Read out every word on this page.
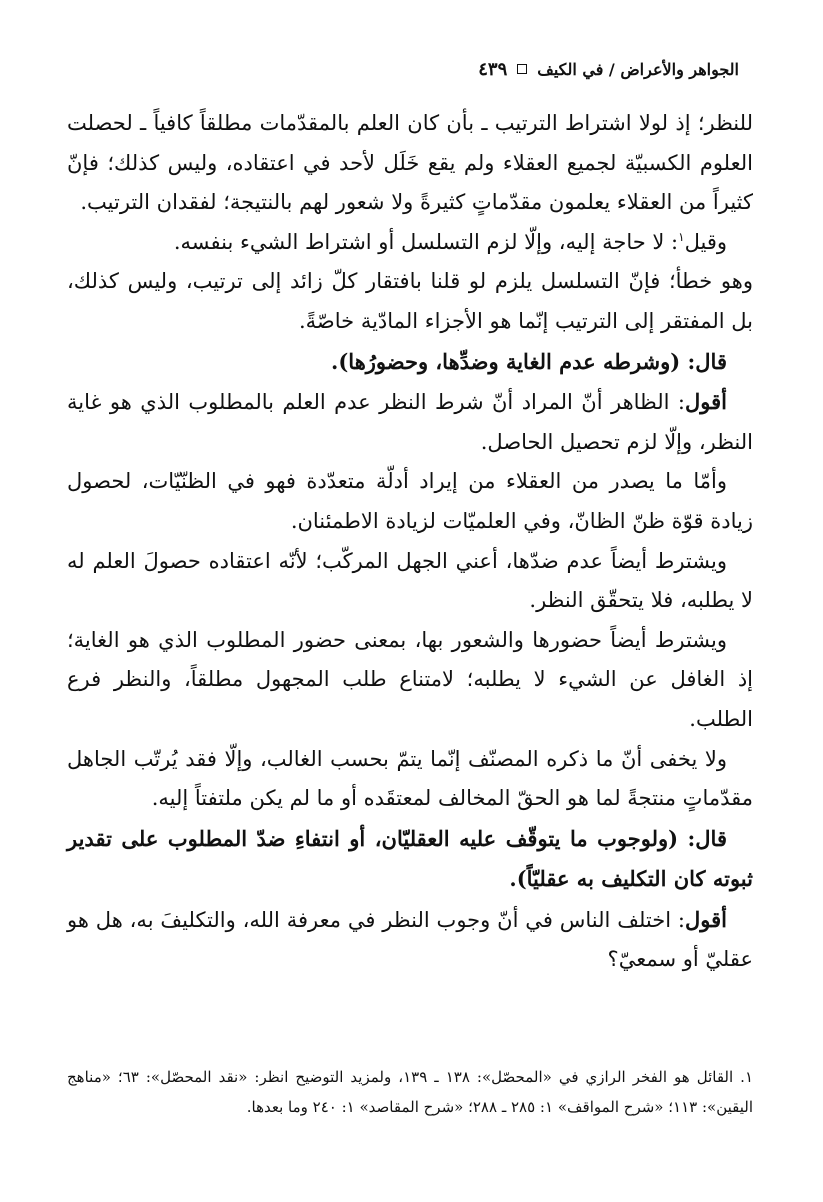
الجواهر والأعراض / في الكيف
٤٣٩

للنظر؛ إذ لولا اشتراط الترتيب ـ بأن كان العلم بالمقدّمات مطلقاً كافياً ـ لحصلت العلوم الكسبيّة لجميع العقلاء ولم يقع خَلَل لأحد في اعتقاده، وليس كذلك؛ فإنّ كثيراً من العقلاء يعلمون مقدّماتٍ كثيرةً ولا شعور لهم بالنتيجة؛ لفقدان الترتيب.

وقيل$^١$: لا حاجة إليه، وإلّا لزم التسلسل أو اشتراط الشيء بنفسه.

وهو خطأ؛ فإنّ التسلسل يلزم لو قلنا بافتقار كلّ زائد إلى ترتيب، وليس كذلك، بل المفتقر إلى الترتيب إنّما هو الأجزاء المادّية خاصّةً.

قال: (وشرطه عدم الغاية وضدِّها، وحضورُها).

أقول: الظاهر أنّ المراد أنّ شرط النظر عدم العلم بالمطلوب الذي هو غاية النظر، وإلّا لزم تحصيل الحاصل.

وأمّا ما يصدر من العقلاء من إيراد أدلّة متعدّدة فهو في الظنّيّات، لحصول زيادة قوّة ظنّ الظانّ، وفي العلميّات لزيادة الاطمئنان.

ويشترط أيضاً عدم ضدّها، أعني الجهل المركّب؛ لأنّه اعتقاده حصولَ العلم له لا يطلبه، فلا يتحقّق النظر.

ويشترط أيضاً حضورها والشعور بها، بمعنى حضور المطلوب الذي هو الغاية؛ إذ الغافل عن الشيء لا يطلبه؛ لامتناع طلب المجهول مطلقاً، والنظر فرع الطلب.

ولا يخفى أنّ ما ذكره المصنّف إنّما يتمّ بحسب الغالب، وإلّا فقد يُرتّب الجاهل مقدّماتٍ منتجةً لما هو الحقّ المخالف لمعتقَده أو ما لم يكن ملتفتاً إليه.

قال: (ولوجوب ما يتوقّف عليه العقليّان، أو انتفاءِ ضدّ المطلوب على تقدير ثبوته كان التكليف به عقليّاً).

أقول: اختلف الناس في أنّ وجوب النظر في معرفة الله، والتكليفَ به، هل هو عقليّ أو سمعيّ؟

١. القائل هو الفخر الرازي في «المحصّل»: ١٣٨ ـ ١٣٩، ولمزيد التوضيح انظر: «نقد المحصّل»: ٦٣؛ «مناهج اليقين»: ١١٣؛ «شرح المواقف» ١: ٢٨٥ ـ ٢٨٨؛ «شرح المقاصد» ١: ٢٤٠ وما بعدها.
